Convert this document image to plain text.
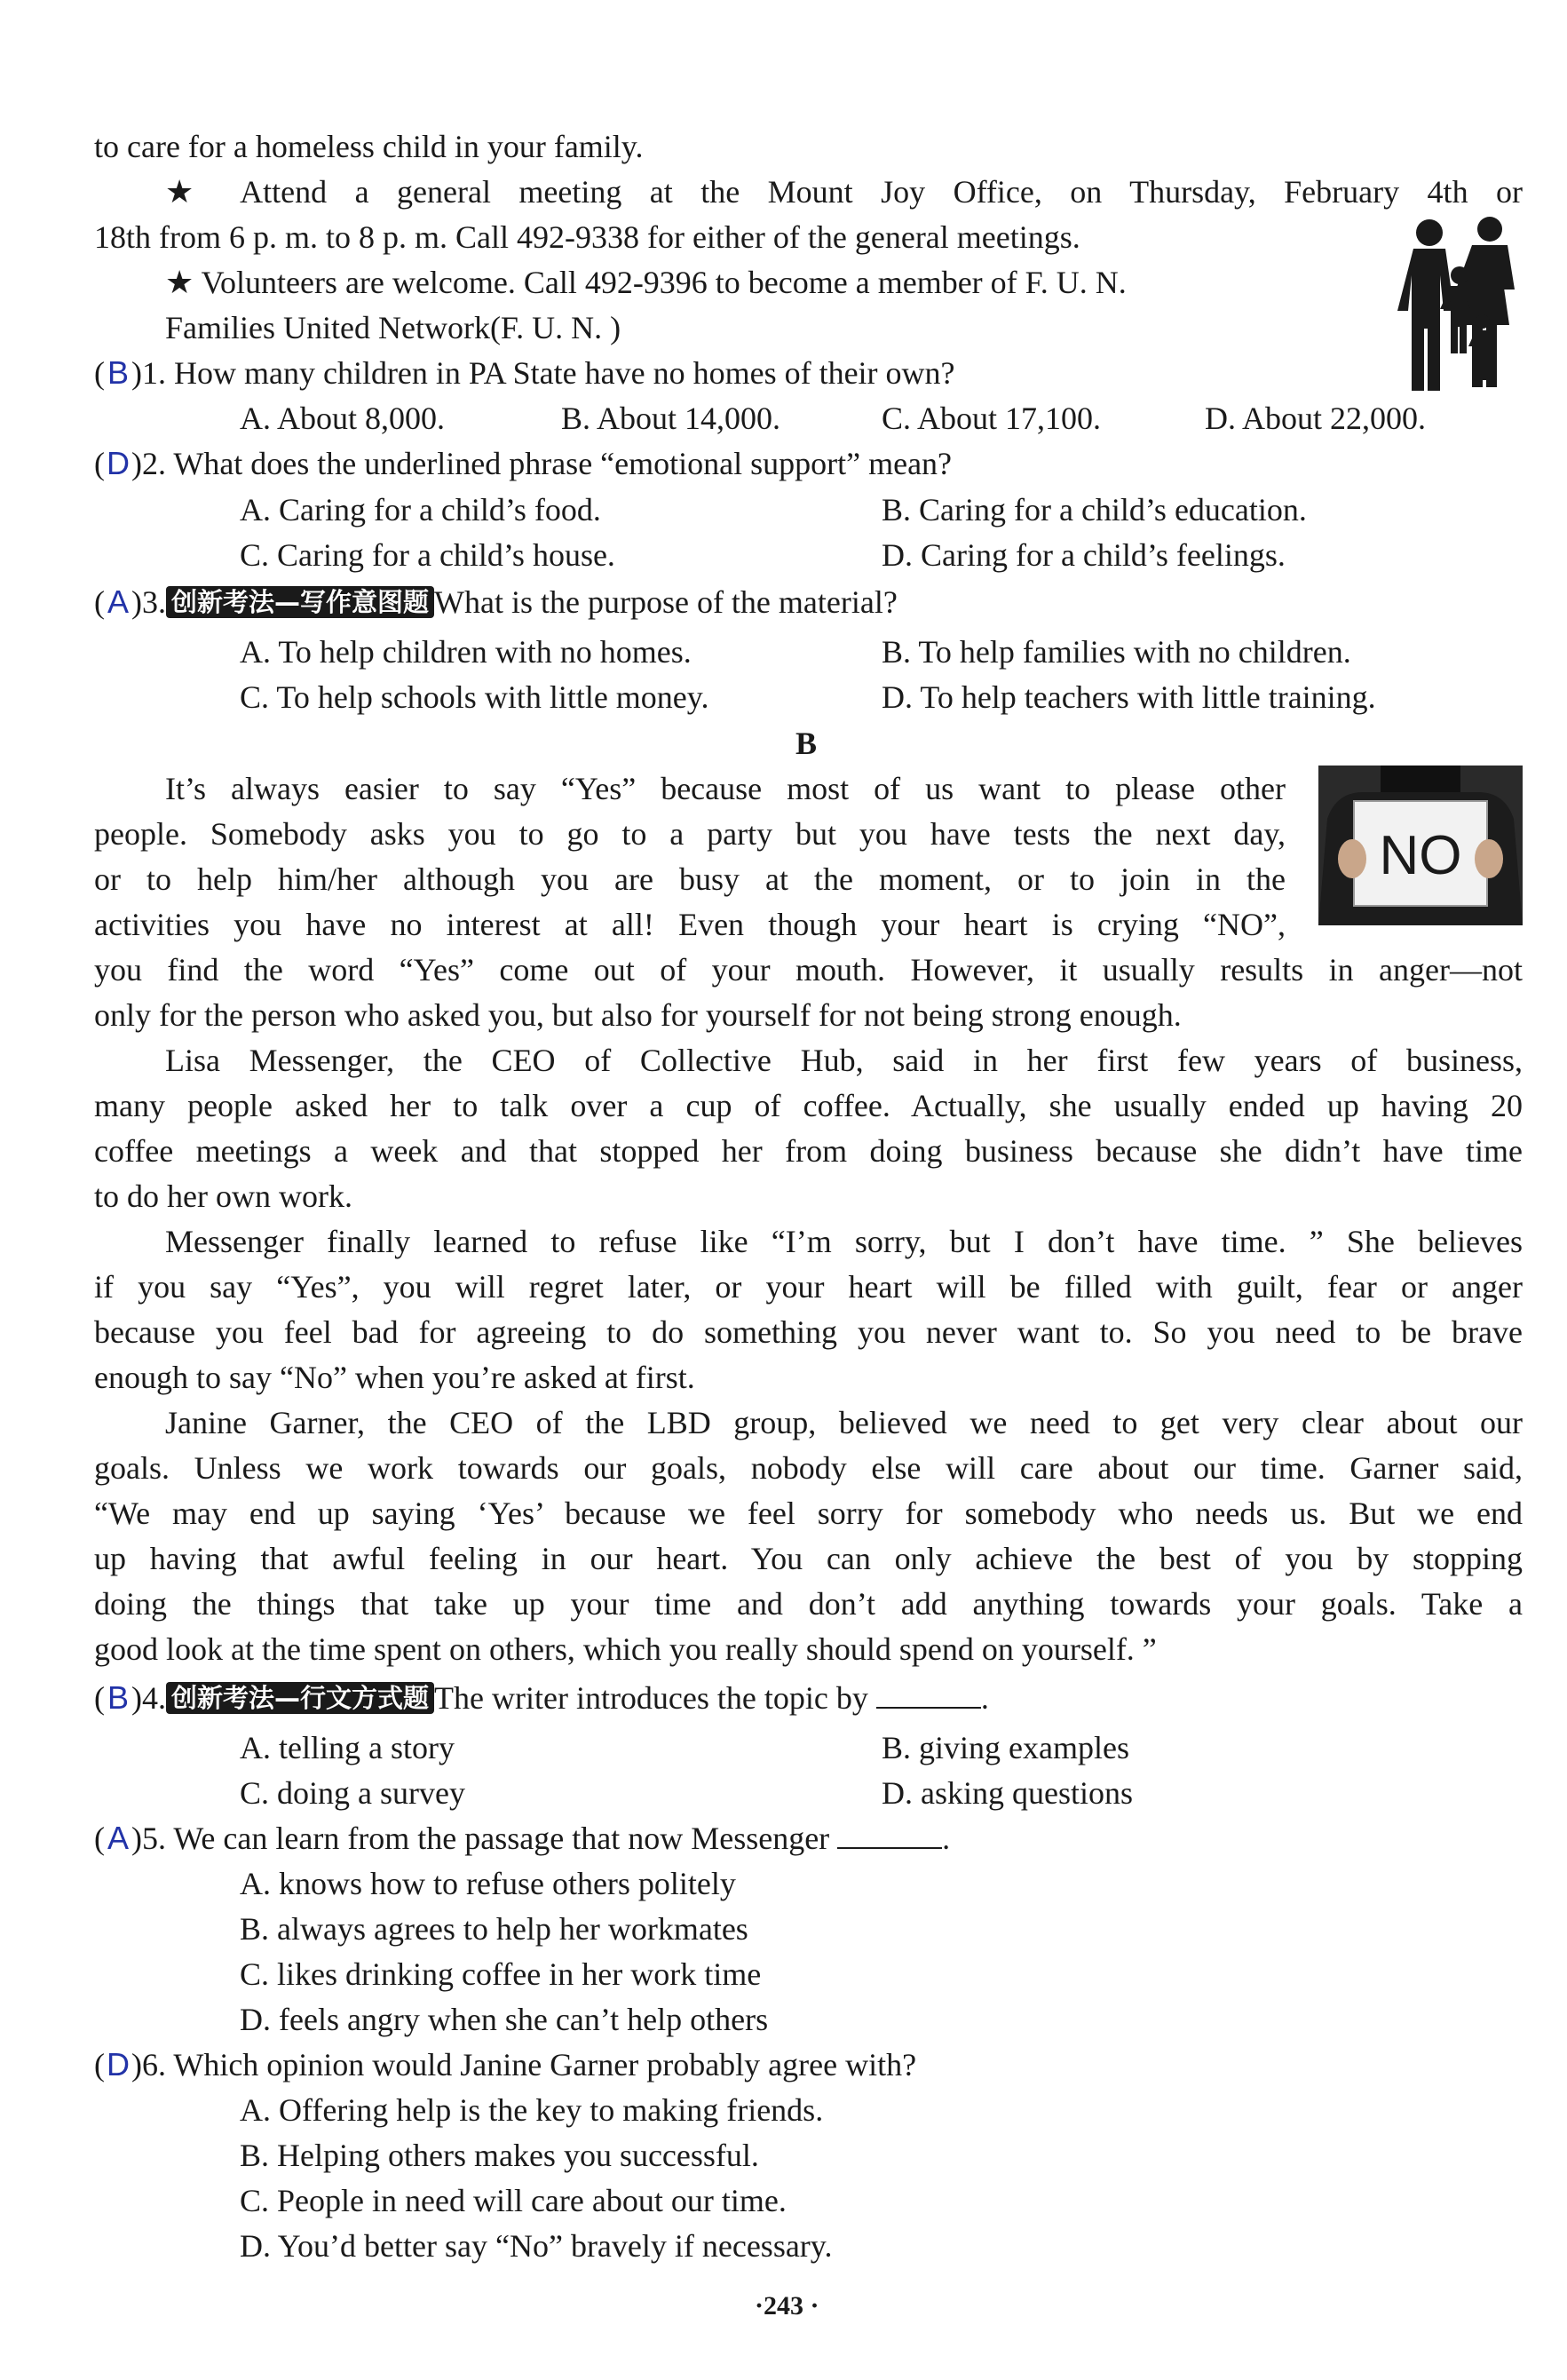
to care for a homeless child in your family.
★ Attend a general meeting at the Mount Joy Office, on Thursday, February 4th or
18th from 6 p. m. to 8 p. m. Call 492-9338 for either of the general meetings.
★ Volunteers are welcome. Call 492-9396 to become a member of F. U. N.
Families United Network(F. U. N. )
(B)1. How many children in PA State have no homes of their own?
A. About 8,000.	B. About 14,000.	C. About 17,100.	D. About 22,000.
(D)2. What does the underlined phrase “emotional support” mean?
A. Caring for a child’s food.	B. Caring for a child’s education.
C. Caring for a child’s house.	D. Caring for a child’s feelings.
(A)3. 创新考法—写作意图题 What is the purpose of the material?
A. To help children with no homes.	B. To help families with no children.
C. To help schools with little money.	D. To help teachers with little training.
B
NO
It’s always easier to say “Yes” because most of us want to please other
people. Somebody asks you to go to a party but you have tests the next day,
or to help him/her although you are busy at the moment, or to join in the
activities you have no interest at all! Even though your heart is crying “NO”,
you find the word “Yes” come out of your mouth. However, it usually results in anger—not
only for the person who asked you, but also for yourself for not being strong enough.
Lisa Messenger, the CEO of Collective Hub, said in her first few years of business,
many people asked her to talk over a cup of coffee. Actually, she usually ended up having 20
coffee meetings a week and that stopped her from doing business because she didn’t have time
to do her own work.
Messenger finally learned to refuse like “I’m sorry, but I don’t have time. ” She believes
if you say “Yes”, you will regret later, or your heart will be filled with guilt, fear or anger
because you feel bad for agreeing to do something you never want to. So you need to be brave
enough to say “No” when you’re asked at first.
Janine Garner, the CEO of the LBD group, believed we need to get very clear about our
goals. Unless we work towards our goals, nobody else will care about our time. Garner said,
“We may end up saying ‘Yes’ because we feel sorry for somebody who needs us. But we end
up having that awful feeling in our heart. You can only achieve the best of you by stopping
doing the things that take up your time and don’t add anything towards your goals. Take a
good look at the time spent on others, which you really should spend on yourself. ”
(B)4. 创新考法—行文方式题 The writer introduces the topic by	.
A. telling a story	B. giving examples
C. doing a survey	D. asking questions
(A)5. We can learn from the passage that now Messenger	.
A. knows how to refuse others politely
B. always agrees to help her workmates
C. likes drinking coffee in her work time
D. feels angry when she can’t help others
(D)6. Which opinion would Janine Garner probably agree with?
A. Offering help is the key to making friends.
B. Helping others makes you successful.
C. People in need will care about our time.
D. You’d better say “No” bravely if necessary.
·243 ·
